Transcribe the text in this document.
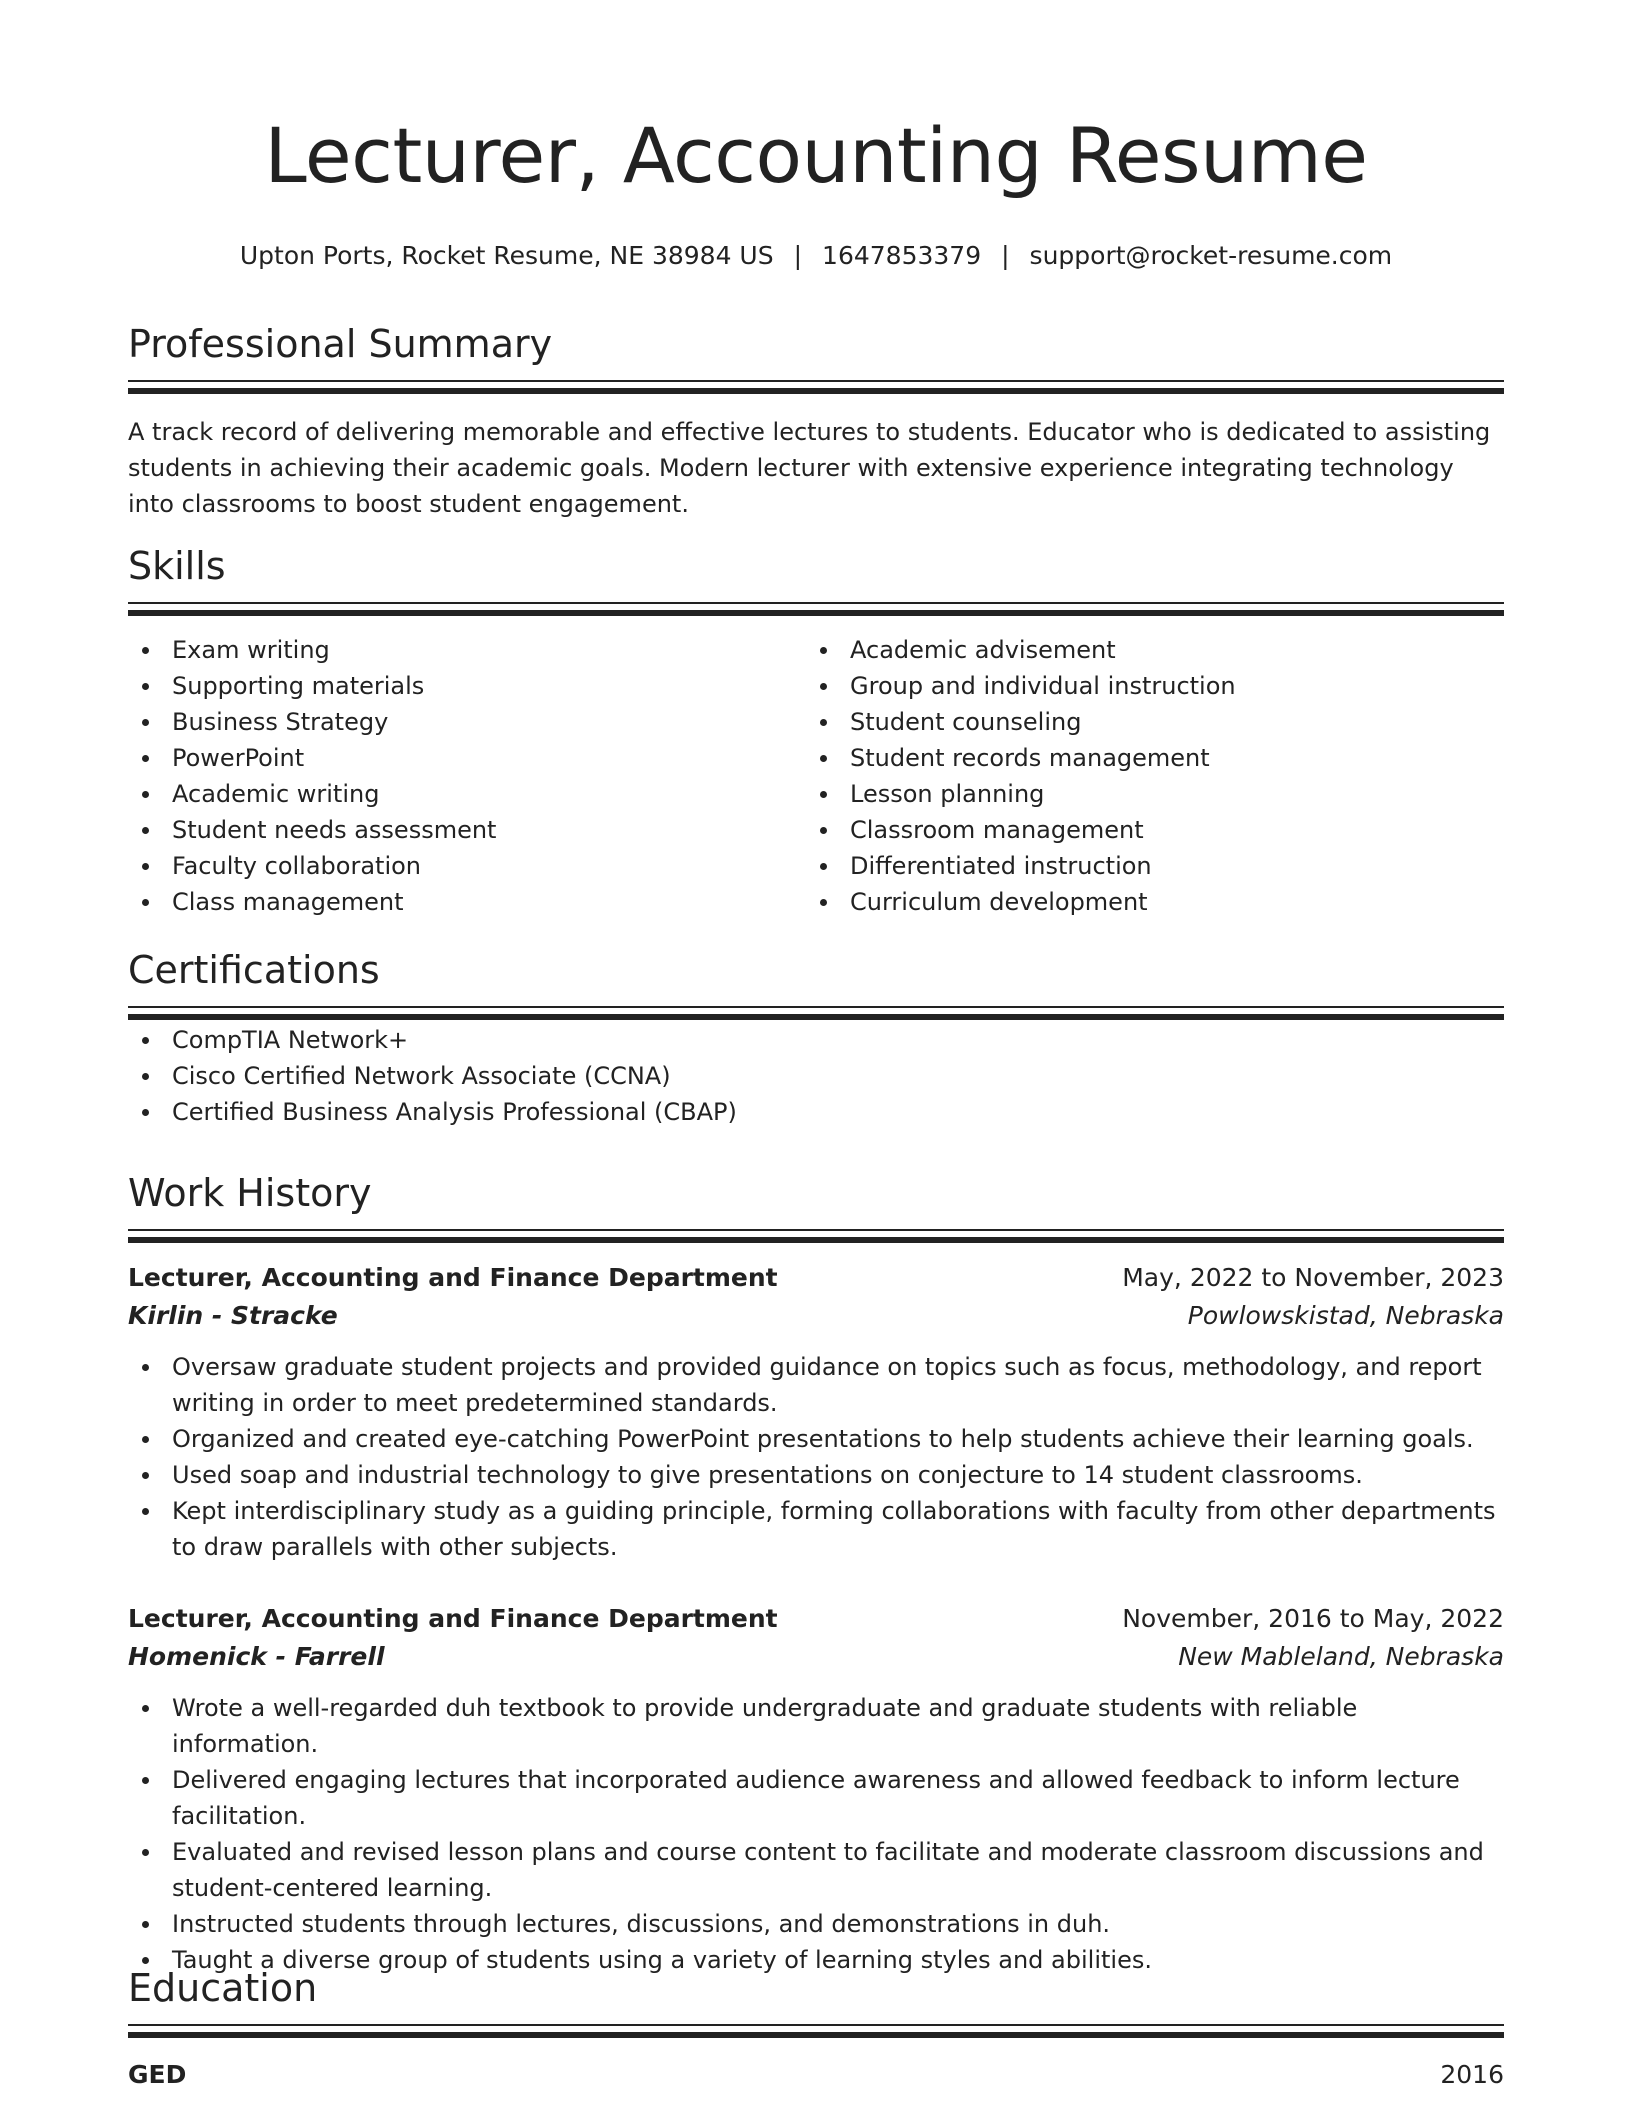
Lecturer, Accounting Resume
Upton Ports, Rocket Resume, NE 38984 US | 1647853379 | support@rocket-resume.com
Professional Summary
A track record of delivering memorable and effective lectures to students. Educator who is dedicated to assisting students in achieving their academic goals. Modern lecturer with extensive experience integrating technology into classrooms to boost student engagement.
Skills
Exam writing
Supporting materials
Business Strategy
PowerPoint
Academic writing
Student needs assessment
Faculty collaboration
Class management
Academic advisement
Group and individual instruction
Student counseling
Student records management
Lesson planning
Classroom management
Differentiated instruction
Curriculum development
Certifications
CompTIA Network+
Cisco Certified Network Associate (CCNA)
Certified Business Analysis Professional (CBAP)
Work History
Lecturer, Accounting and Finance Department	May, 2022 to November, 2023
Kirlin - Stracke	Powlowskistad, Nebraska
Oversaw graduate student projects and provided guidance on topics such as focus, methodology, and report writing in order to meet predetermined standards.
Organized and created eye-catching PowerPoint presentations to help students achieve their learning goals.
Used soap and industrial technology to give presentations on conjecture to 14 student classrooms.
Kept interdisciplinary study as a guiding principle, forming collaborations with faculty from other departments to draw parallels with other subjects.
Lecturer, Accounting and Finance Department	November, 2016 to May, 2022
Homenick - Farrell	New Mableland, Nebraska
Wrote a well-regarded duh textbook to provide undergraduate and graduate students with reliable information.
Delivered engaging lectures that incorporated audience awareness and allowed feedback to inform lecture facilitation.
Evaluated and revised lesson plans and course content to facilitate and moderate classroom discussions and student-centered learning.
Instructed students through lectures, discussions, and demonstrations in duh.
Taught a diverse group of students using a variety of learning styles and abilities.
Education
GED	2016
